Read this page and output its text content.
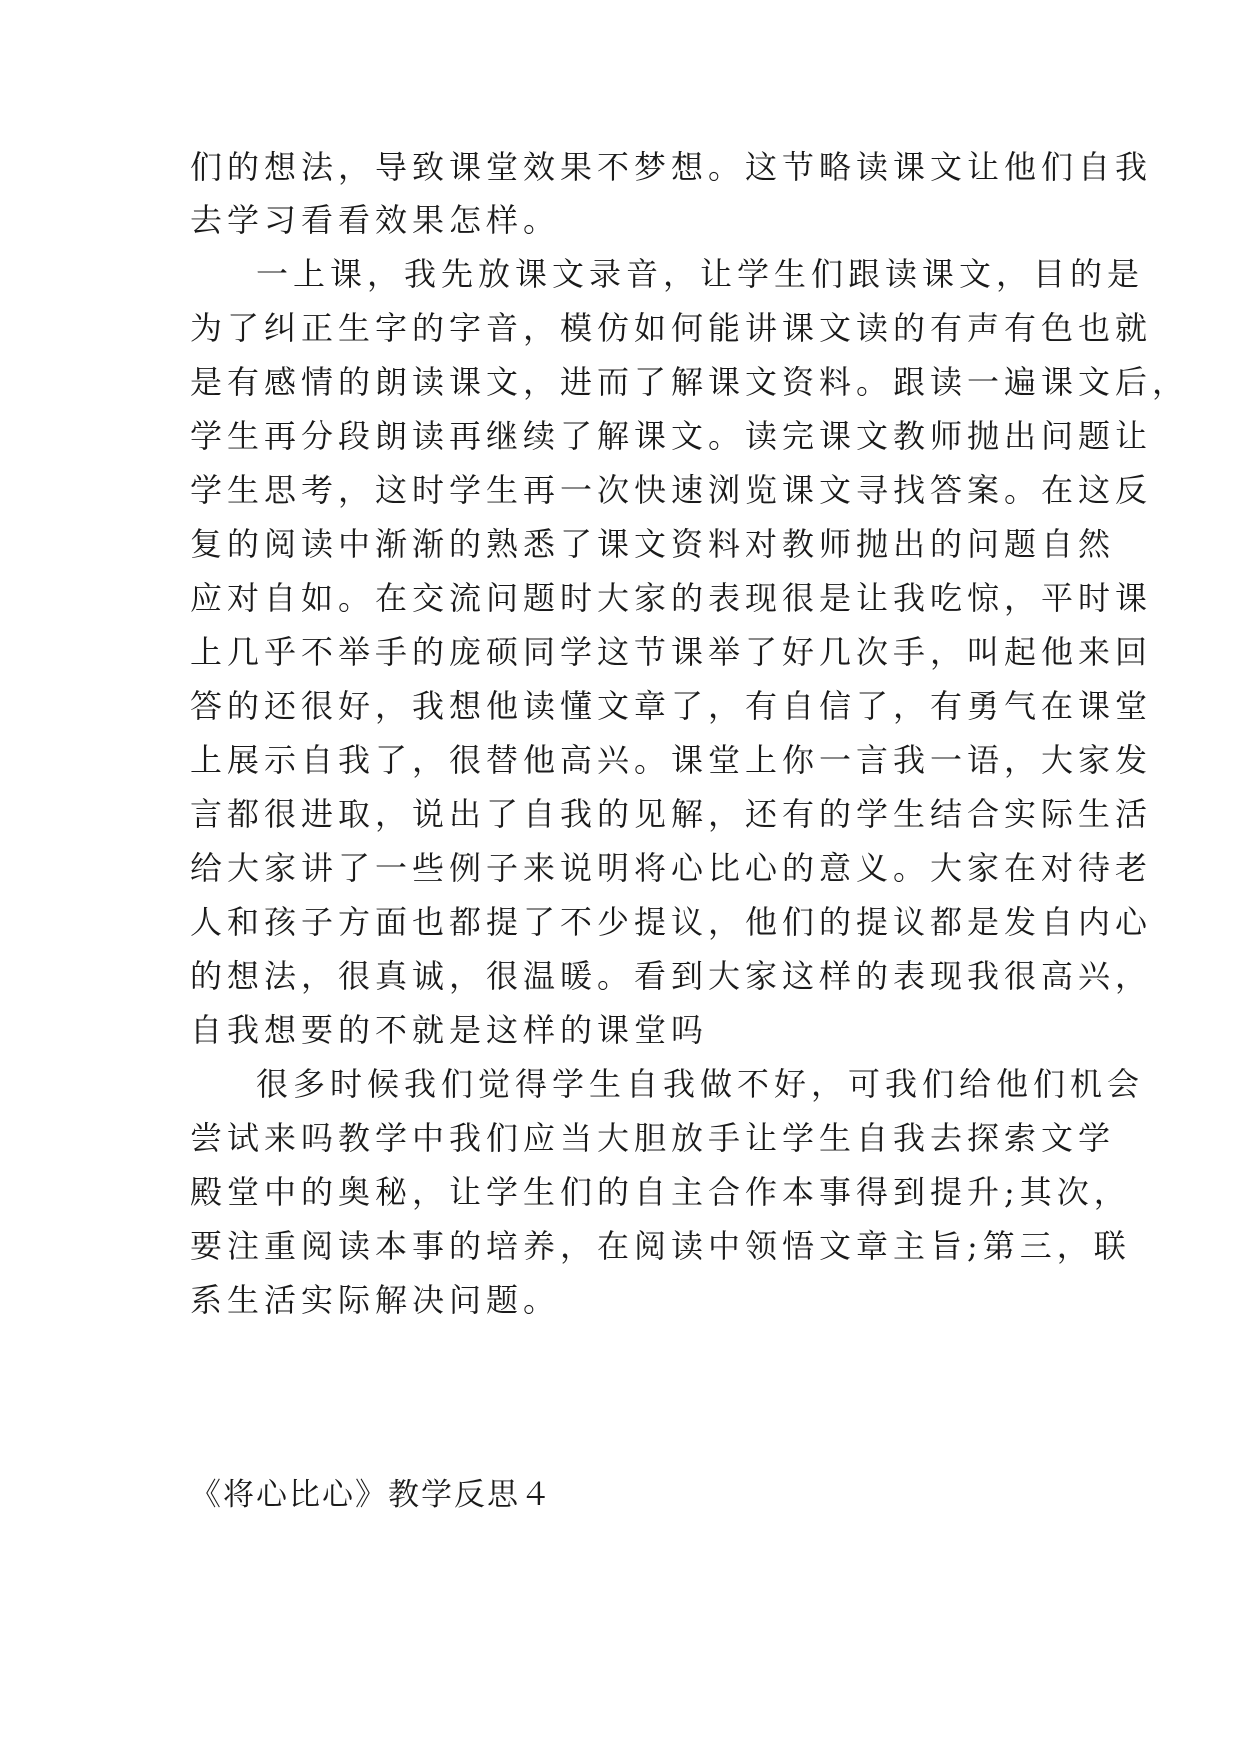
们的想法，导致课堂效果不梦想。这节略读课文让他们自我
去学习看看效果怎样。
一上课，我先放课文录音，让学生们跟读课文，目的是
为了纠正生字的字音，模仿如何能讲课文读的有声有色也就
是有感情的朗读课文，进而了解课文资料。跟读一遍课文后，
学生再分段朗读再继续了解课文。读完课文教师抛出问题让
学生思考，这时学生再一次快速浏览课文寻找答案。在这反
复的阅读中渐渐的熟悉了课文资料对教师抛出的问题自然
应对自如。在交流问题时大家的表现很是让我吃惊，平时课
上几乎不举手的庞硕同学这节课举了好几次手，叫起他来回
答的还很好，我想他读懂文章了，有自信了，有勇气在课堂
上展示自我了，很替他高兴。课堂上你一言我一语，大家发
言都很进取，说出了自我的见解，还有的学生结合实际生活
给大家讲了一些例子来说明将心比心的意义。大家在对待老
人和孩子方面也都提了不少提议，他们的提议都是发自内心
的想法，很真诚，很温暖。看到大家这样的表现我很高兴，
自我想要的不就是这样的课堂吗
很多时候我们觉得学生自我做不好，可我们给他们机会
尝试来吗教学中我们应当大胆放手让学生自我去探索文学
殿堂中的奥秘，让学生们的自主合作本事得到提升;其次，
要注重阅读本事的培养，在阅读中领悟文章主旨;第三，联
系生活实际解决问题。
《将心比心》教学反思４
